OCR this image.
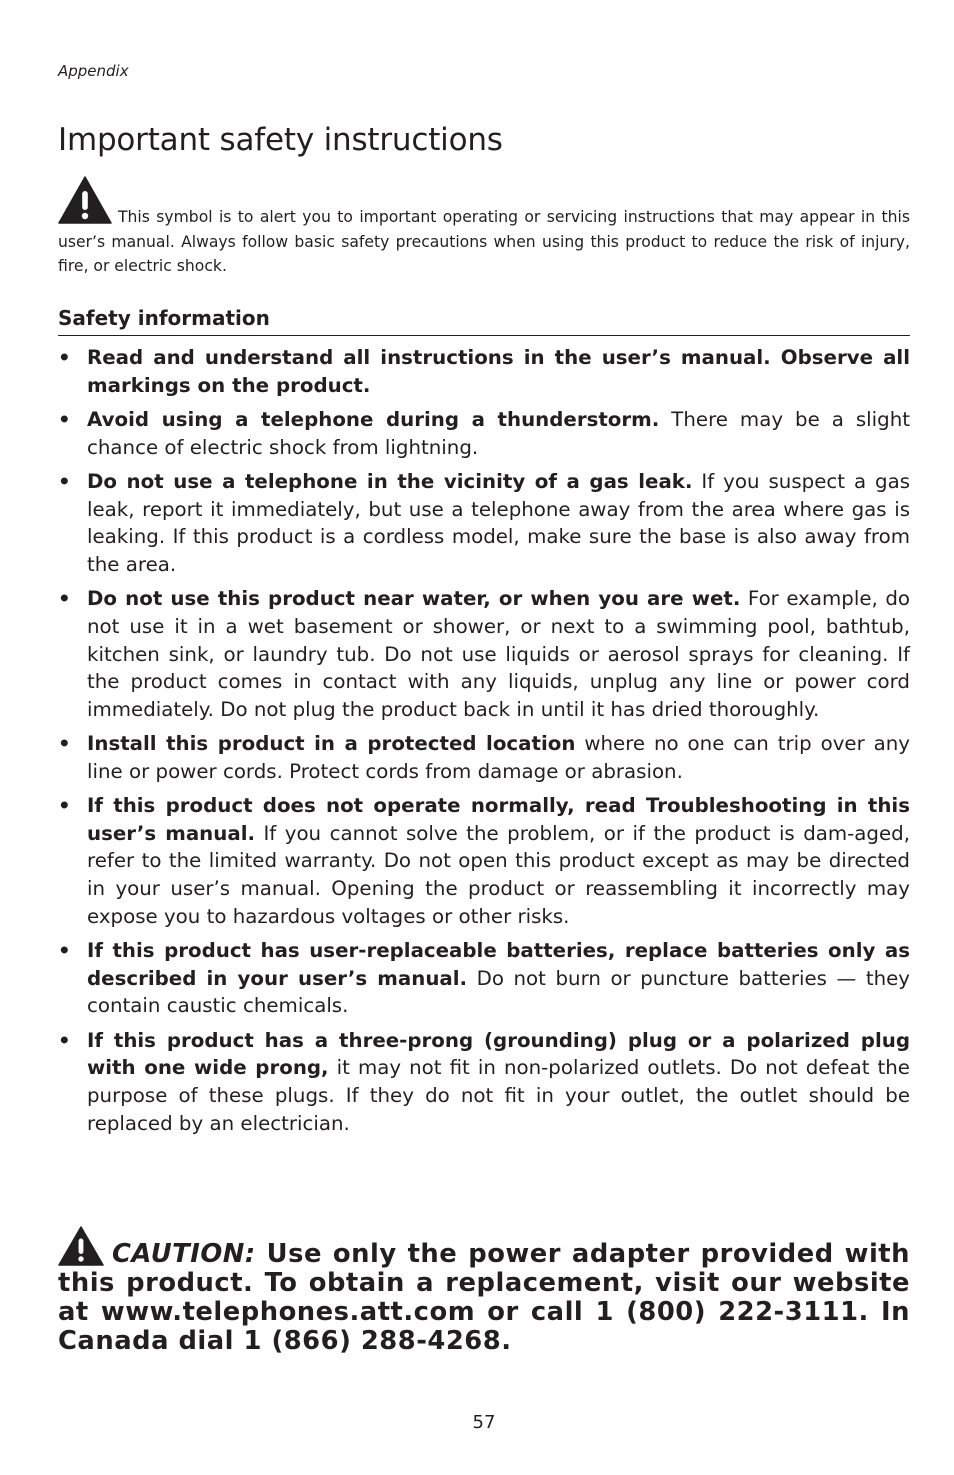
Appendix
Important safety instructions

This symbol is to alert you to important operating or servicing instructions that may appear in this user’s manual. Always follow basic safety precautions when using this product to reduce the risk of injury, fire, or electric shock.

Safety information
• Read and understand all instructions in the user’s manual. Observe all markings on the product.
• Avoid using a telephone during a thunderstorm. There may be a slight chance of electric shock from lightning.
• Do not use a telephone in the vicinity of a gas leak. If you suspect a gas leak, report it immediately, but use a telephone away from the area where gas is leaking. If this product is a cordless model, make sure the base is also away from the area.
• Do not use this product near water, or when you are wet. For example, do not use it in a wet basement or shower, or next to a swimming pool, bathtub, kitchen sink, or laundry tub. Do not use liquids or aerosol sprays for cleaning. If the product comes in contact with any liquids, unplug any line or power cord immediately. Do not plug the product back in until it has dried thoroughly.
• Install this product in a protected location where no one can trip over any line or power cords. Protect cords from damage or abrasion.
• If this product does not operate normally, read Troubleshooting in this user’s manual. If you cannot solve the problem, or if the product is dam-aged, refer to the limited warranty. Do not open this product except as may be directed in your user’s manual. Opening the product or reassembling it incorrectly may expose you to hazardous voltages or other risks.
• If this product has user-replaceable batteries, replace batteries only as described in your user’s manual. Do not burn or puncture batteries — they contain caustic chemicals.
• If this product has a three-prong (grounding) plug or a polarized plug with one wide prong, it may not fit in non-polarized outlets. Do not defeat the purpose of these plugs. If they do not fit in your outlet, the outlet should be replaced by an electrician.

CAUTION: Use only the power adapter provided with this product. To obtain a replacement, visit our website at www.telephones.att.com or call 1 (800) 222-3111. In Canada dial 1 (866) 288-4268.

57
